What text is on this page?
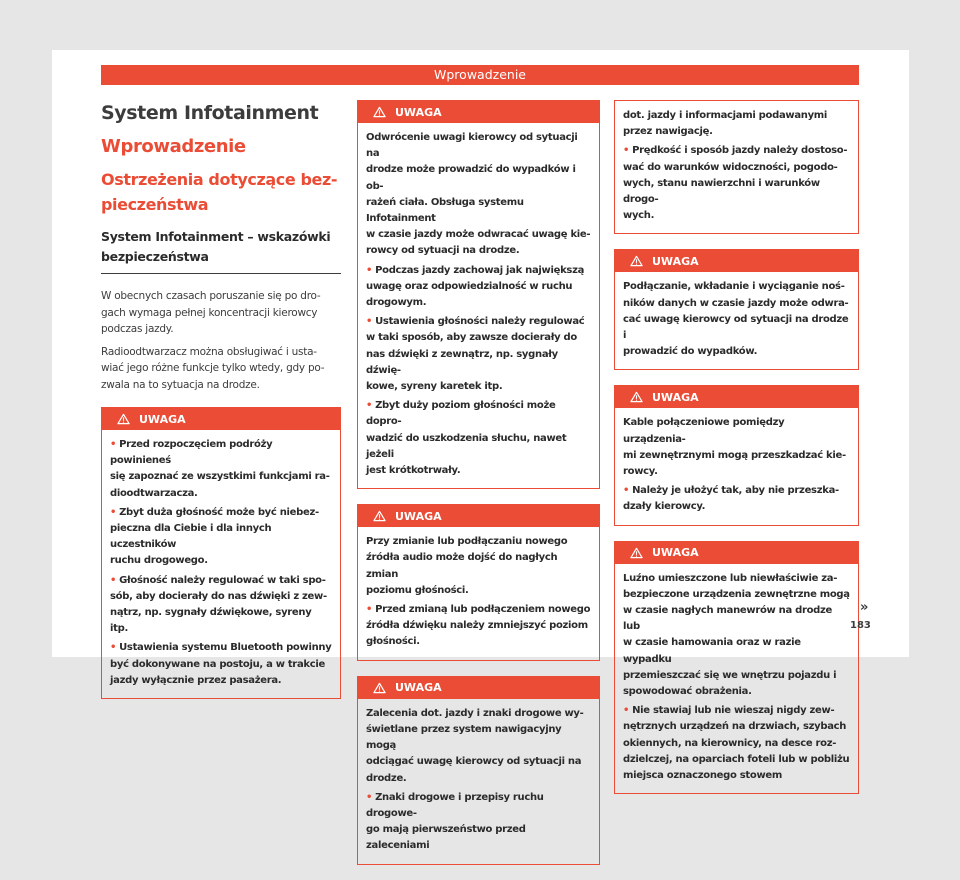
Wprowadzenie
System Infotainment
Wprowadzenie
Ostrzeżenia dotyczące bez-
pieczeństwa
System Infotainment – wskazówki
bezpieczeństwa
W obecnych czasach poruszanie się po dro-
gach wymaga pełnej koncentracji kierowcy
podczas jazdy.
Radioodtwarzacz można obsługiwać i usta-
wiać jego różne funkcje tylko wtedy, gdy po-
zwala na to sytuacja na drodze.
UWAGA

• Przed rozpoczęciem podróży powinieneś
się zapoznać ze wszystkimi funkcjami ra-
dioodtwarzacza.

• Zbyt duża głośność może być niebez-
pieczna dla Ciebie i dla innych uczestników
ruchu drogowego.

• Głośność należy regulować w taki spo-
sób, aby docierały do nas dźwięki z zew-
nątrz, np. sygnały dźwiękowe, syreny itp.

• Ustawienia systemu Bluetooth powinny
być dokonywane na postoju, a w trakcie
jazdy wyłącznie przez pasażera.

UWAGA

Odwrócenie uwagi kierowcy od sytuacji na
drodze może prowadzić do wypadków i ob-
rażeń ciała. Obsługa systemu Infotainment
w czasie jazdy może odwracać uwagę kie-
rowcy od sytuacji na drodze.

• Podczas jazdy zachowaj jak największą
uwagę oraz odpowiedzialność w ruchu
drogowym.

• Ustawienia głośności należy regulować
w taki sposób, aby zawsze docierały do
nas dźwięki z zewnątrz, np. sygnały dźwię-
kowe, syreny karetek itp.

• Zbyt duży poziom głośności może dopro-
wadzić do uszkodzenia słuchu, nawet jeżeli
jest krótkotrwały.

UWAGA

Przy zmianie lub podłączaniu nowego
źródła audio może dojść do nagłych zmian
poziomu głośności.

• Przed zmianą lub podłączeniem nowego
źródła dźwięku należy zmniejszyć poziom
głośności.

UWAGA

Zalecenia dot. jazdy i znaki drogowe wy-
świetlane przez system nawigacyjny mogą
odciągać uwagę kierowcy od sytuacji na
drodze.

• Znaki drogowe i przepisy ruchu drogowe-
go mają pierwszeństwo przed zaleceniami

dot. jazdy i informacjami podawanymi
przez nawigację.

• Prędkość i sposób jazdy należy dostoso-
wać do warunków widoczności, pogodo-
wych, stanu nawierzchni i warunków drogo-
wych.

UWAGA

Podłączanie, wkładanie i wyciąganie noś-
ników danych w czasie jazdy może odwra-
cać uwagę kierowcy od sytuacji na drodze i
prowadzić do wypadków.

UWAGA

Kable połączeniowe pomiędzy urządzenia-
mi zewnętrznymi mogą przeszkadzać kie-
rowcy.

• Należy je ułożyć tak, aby nie przeszka-
dzały kierowcy.

UWAGA

Luźno umieszczone lub niewłaściwie za-
bezpieczone urządzenia zewnętrzne mogą
w czasie nagłych manewrów na drodze lub
w czasie hamowania oraz w razie wypadku
przemieszczać się we wnętrzu pojazdu i
spowodować obrażenia.

• Nie stawiaj lub nie wieszaj nigdy zew-
nętrznych urządzeń na drzwiach, szybach
okiennych, na kierownicy, na desce roz-
dzielczej, na oparciach foteli lub w pobliżu
miejsca oznaczonego stowem

»
183
